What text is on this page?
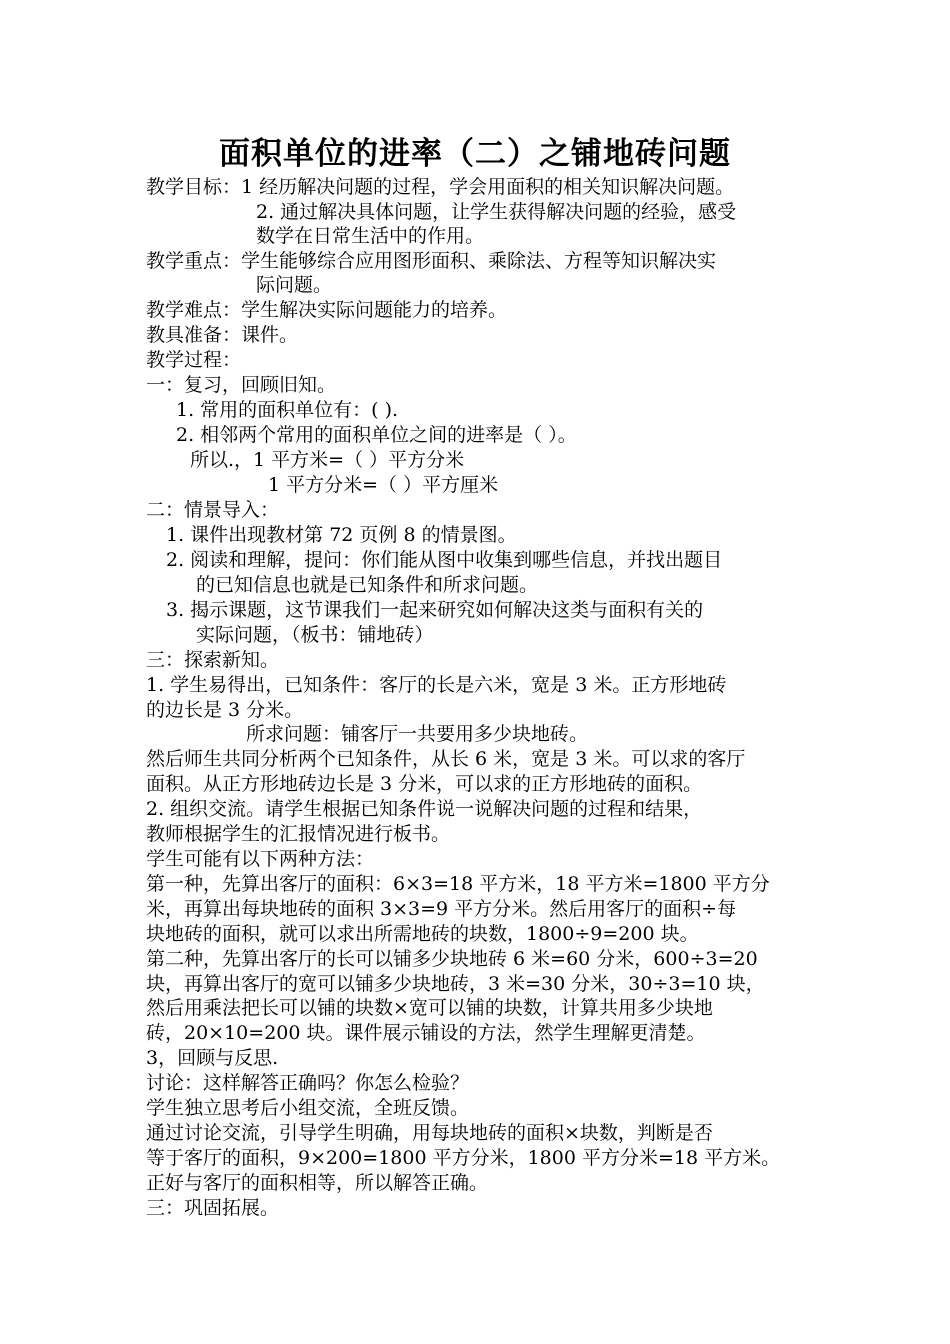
面积单位的进率（二）之铺地砖问题
教学目标：1 经历解决问题的过程，学会用面积的相关知识解决问题。
2. 通过解决具体问题，让学生获得解决问题的经验，感受
数学在日常生活中的作用。
教学重点：学生能够综合应用图形面积、乘除法、方程等知识解决实
际问题。
教学难点：学生解决实际问题能力的培养。
教具准备：课件。
教学过程：
一：复习，回顾旧知。
1. 常用的面积单位有：( ).
2. 相邻两个常用的面积单位之间的进率是（ ）。
所以.，1 平方米=（ ）平方分米
1 平方分米=（ ）平方厘米
二：情景导入：
1. 课件出现教材第 72 页例 8 的情景图。
2. 阅读和理解，提问：你们能从图中收集到哪些信息，并找出题目
的已知信息也就是已知条件和所求问题。
3. 揭示课题，这节课我们一起来研究如何解决这类与面积有关的
实际问题，（板书：铺地砖）
三：探索新知。
1. 学生易得出，已知条件：客厅的长是六米，宽是 3 米。正方形地砖
的边长是 3 分米。
所求问题：铺客厅一共要用多少块地砖。
然后师生共同分析两个已知条件，从长 6 米，宽是 3 米。可以求的客厅
面积。从正方形地砖边长是 3 分米，可以求的正方形地砖的面积。
2. 组织交流。请学生根据已知条件说一说解决问题的过程和结果，
教师根据学生的汇报情况进行板书。
学生可能有以下两种方法：
第一种，先算出客厅的面积：6×3=18 平方米，18 平方米=1800 平方分
米，再算出每块地砖的面积 3×3=9 平方分米。然后用客厅的面积÷每
块地砖的面积，就可以求出所需地砖的块数，1800÷9=200 块。
第二种，先算出客厅的长可以铺多少块地砖 6 米=60 分米，600÷3=20
块，再算出客厅的宽可以铺多少块地砖，3 米=30 分米，30÷3=10 块，
然后用乘法把长可以铺的块数×宽可以铺的块数，计算共用多少块地
砖，20×10=200 块。课件展示铺设的方法，然学生理解更清楚。
3，回顾与反思.
讨论：这样解答正确吗？你怎么检验？
学生独立思考后小组交流，全班反馈。
通过讨论交流，引导学生明确，用每块地砖的面积×块数，判断是否
等于客厅的面积，9×200=1800 平方分米，1800 平方分米=18 平方米。
正好与客厅的面积相等，所以解答正确。
三：巩固拓展。
